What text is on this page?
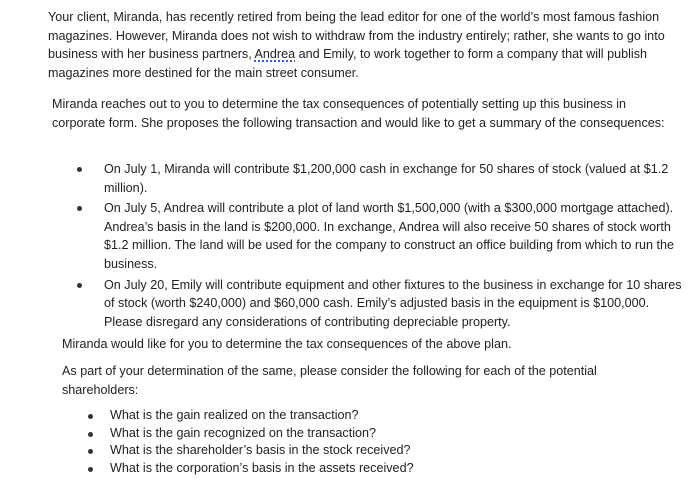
Your client, Miranda, has recently retired from being the lead editor for one of the world’s most famous fashion magazines. However, Miranda does not wish to withdraw from the industry entirely; rather, she wants to go into business with her business partners, Andrea and Emily, to work together to form a company that will publish magazines more destined for the main street consumer.

Miranda reaches out to you to determine the tax consequences of potentially setting up this business in corporate form. She proposes the following transaction and would like to get a summary of the consequences:

On July 1, Miranda will contribute $1,200,000 cash in exchange for 50 shares of stock (valued at $1.2 million).
On July 5, Andrea will contribute a plot of land worth $1,500,000 (with a $300,000 mortgage attached). Andrea’s basis in the land is $200,000. In exchange, Andrea will also receive 50 shares of stock worth $1.2 million. The land will be used for the company to construct an office building from which to run the business.
On July 20, Emily will contribute equipment and other fixtures to the business in exchange for 10 shares of stock (worth $240,000) and $60,000 cash. Emily’s adjusted basis in the equipment is $100,000. Please disregard any considerations of contributing depreciable property.

Miranda would like for you to determine the tax consequences of the above plan.

As part of your determination of the same, please consider the following for each of the potential shareholders:

What is the gain realized on the transaction?
What is the gain recognized on the transaction?
What is the shareholder’s basis in the stock received?
What is the corporation’s basis in the assets received?
